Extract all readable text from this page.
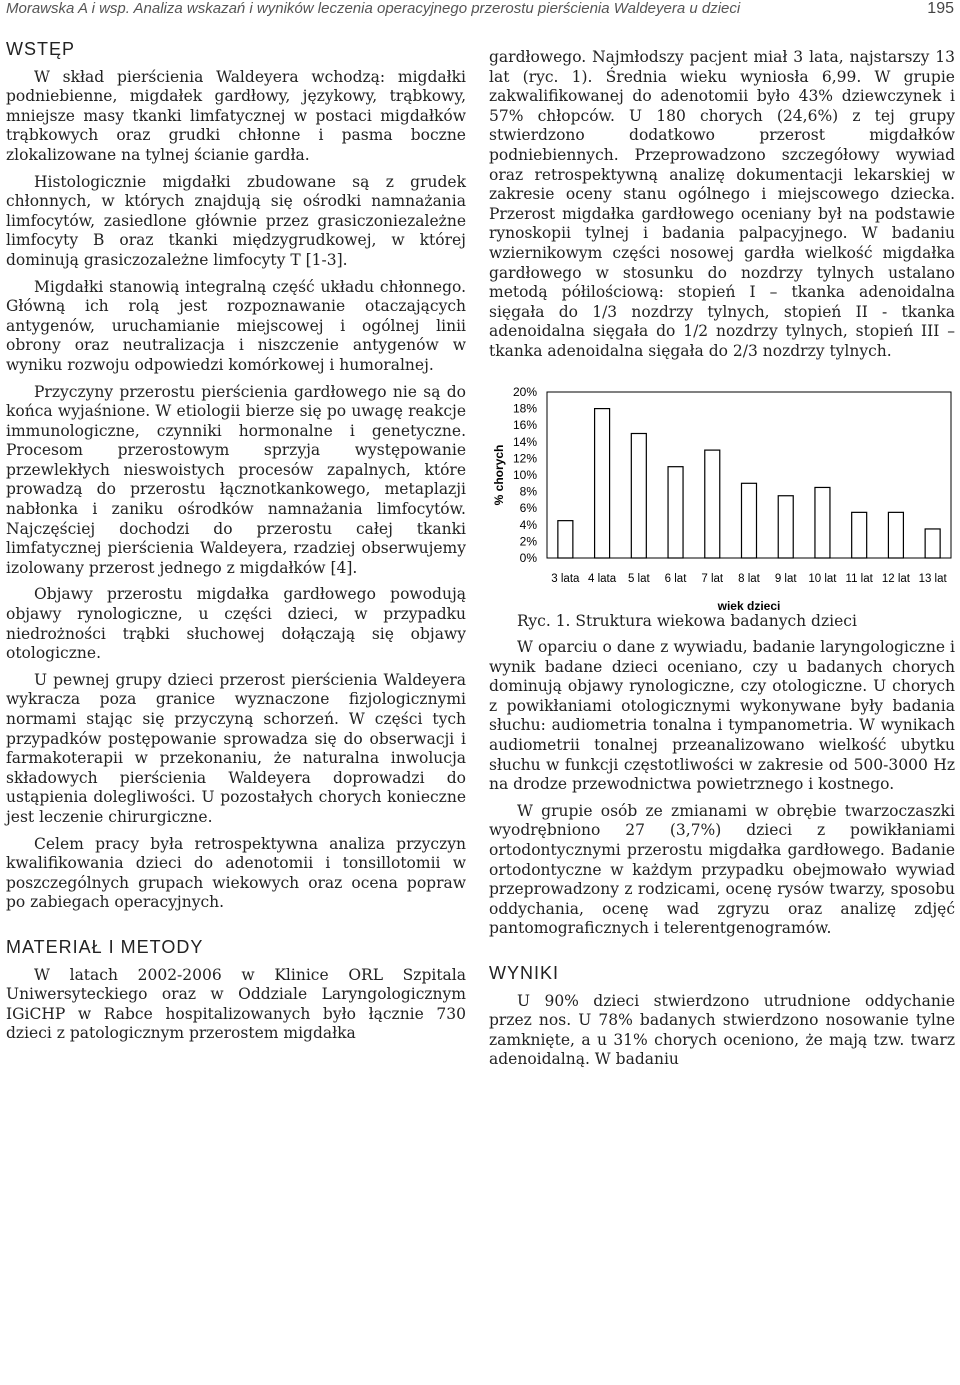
Morawska A i wsp. Analiza wskazań i wyników leczenia operacyjnego przerostu pierścienia Waldeyera u dzieci	195
WSTĘP

W skład pierścienia Waldeyera wchodzą: migdałki podniebienne, migdałek gardłowy, językowy, trąbkowy, mniejsze masy tkanki limfatycznej w postaci migdałków trąbkowych oraz grudki chłonne i pasma boczne zlokalizowane na tylnej ścianie gardła.

Histologicznie migdałki zbudowane są z grudek chłonnych, w których znajdują się ośrodki namnażania limfocytów, zasiedlone głównie przez grasiczoniezależne limfocyty B oraz tkanki międzygrudkowej, w której dominują grasiczozależne limfocyty T [1-3].

Migdałki stanowią integralną część układu chłonnego. Główną ich rolą jest rozpoznawanie otaczających antygenów, uruchamianie miejscowej i ogólnej linii obrony oraz neutralizacja i niszczenie antygenów w wyniku rozwoju odpowiedzi komórkowej i humoralnej.

Przyczyny przerostu pierścienia gardłowego nie są do końca wyjaśnione. W etiologii bierze się po uwagę reakcje immunologiczne, czynniki hormonalne i genetyczne. Procesom przerostowym sprzyja występowanie przewlekłych nieswoistych procesów zapalnych, które prowadzą do przerostu łącznotkankowego, metaplazji nabłonka i zaniku ośrodków namnażania limfocytów. Najczęściej dochodzi do przerostu całej tkanki limfatycznej pierścienia Waldeyera, rzadziej obserwujemy izolowany przerost jednego z migdałków [4].

Objawy przerostu migdałka gardłowego powodują objawy rynologiczne, u części dzieci, w przypadku niedrożności trąbki słuchowej dołączają się objawy otologiczne.

U pewnej grupy dzieci przerost pierścienia Waldeyera wykracza poza granice wyznaczone fizjologicznymi normami stając się przyczyną schorzeń. W części tych przypadków postępowanie sprowadza się do obserwacji i farmakoterapii w przekonaniu, że naturalna inwolucja składowych pierścienia Waldeyera doprowadzi do ustąpienia dolegliwości. U pozostałych chorych konieczne jest leczenie chirurgiczne.

Celem pracy była retrospektywna analiza przyczyn kwalifikowania dzieci do adenotomii i tonsillotomii w poszczególnych grupach wiekowych oraz ocena popraw po zabiegach operacyjnych.

MATERIAŁ I METODY

W latach 2002-2006 w Klinice ORL Szpitala Uniwersyteckiego oraz w Oddziale Laryngologicznym IGiCHP w Rabce hospitalizowanych było łącznie 730 dzieci z patologicznym przerostem migdałka

gardłowego. Najmłodszy pacjent miał 3 lata, najstarszy 13 lat (ryc. 1). Średnia wieku wyniosła 6,99. W grupie zakwalifikowanej do adenotomii było 43% dziewczynek i 57% chłopców. U 180 chorych (24,6%) z tej grupy stwierdzono dodatkowo przerost migdałków podniebiennych. Przeprowadzono szczegółowy wywiad oraz retrospektywną analizę dokumentacji lekarskiej w zakresie oceny stanu ogólnego i miejscowego dziecka. Przerost migdałka gardłowego oceniany był na podstawie rynoskopii tylnej i badania palpacyjnego. W badaniu wziernikowym części nosowej gardła wielkość migdałka gardłowego w stosunku do nozdrzy tylnych ustalano metodą półilościową: stopień I – tkanka adenoidalna sięgała do 1/3 nozdrzy tylnych, stopień II - tkanka adenoidalna sięgała do 1/2 nozdrzy tylnych, stopień III – tkanka adenoidalna sięgała do 2/3 nozdrzy tylnych.

0%
2%
4%
6%
8%
10%
12%
14%
16%
18%
20%
% chorych
3 lata 4 lata 5 lat 6 lat 7 lat 8 lat 9 lat 10 lat 11 lat 12 lat 13 lat
wiek dzieci

Ryc. 1. Struktura wiekowa badanych dzieci

W oparciu o dane z wywiadu, badanie laryngologiczne i wynik badane dzieci oceniano, czy u badanych chorych dominują objawy rynologiczne, czy otologiczne. U chorych z powikłaniami otologicznymi wykonywane były badania słuchu: audiometria tonalna i tympanometria. W wynikach audiometrii tonalnej przeanalizowano wielkość ubytku słuchu w funkcji częstotliwości w zakresie od 500-3000 Hz na drodze przewodnictwa powietrznego i kostnego.

W grupie osób ze zmianami w obrębie twarzoczaszki wyodrębniono 27 (3,7%) dzieci z powikłaniami ortodontycznymi przerostu migdałka gardłowego. Badanie ortodontyczne w każdym przypadku obejmowało wywiad przeprowadzony z rodzicami, ocenę rysów twarzy, sposobu oddychania, ocenę wad zgryzu oraz analizę zdjęć pantomograficznych i telerentgenogramów.

WYNIKI

U 90% dzieci stwierdzono utrudnione oddychanie przez nos. U 78% badanych stwierdzono nosowanie tylne zamknięte, a u 31% chorych oceniono, że mają tzw. twarz adenoidalną. W badaniu
